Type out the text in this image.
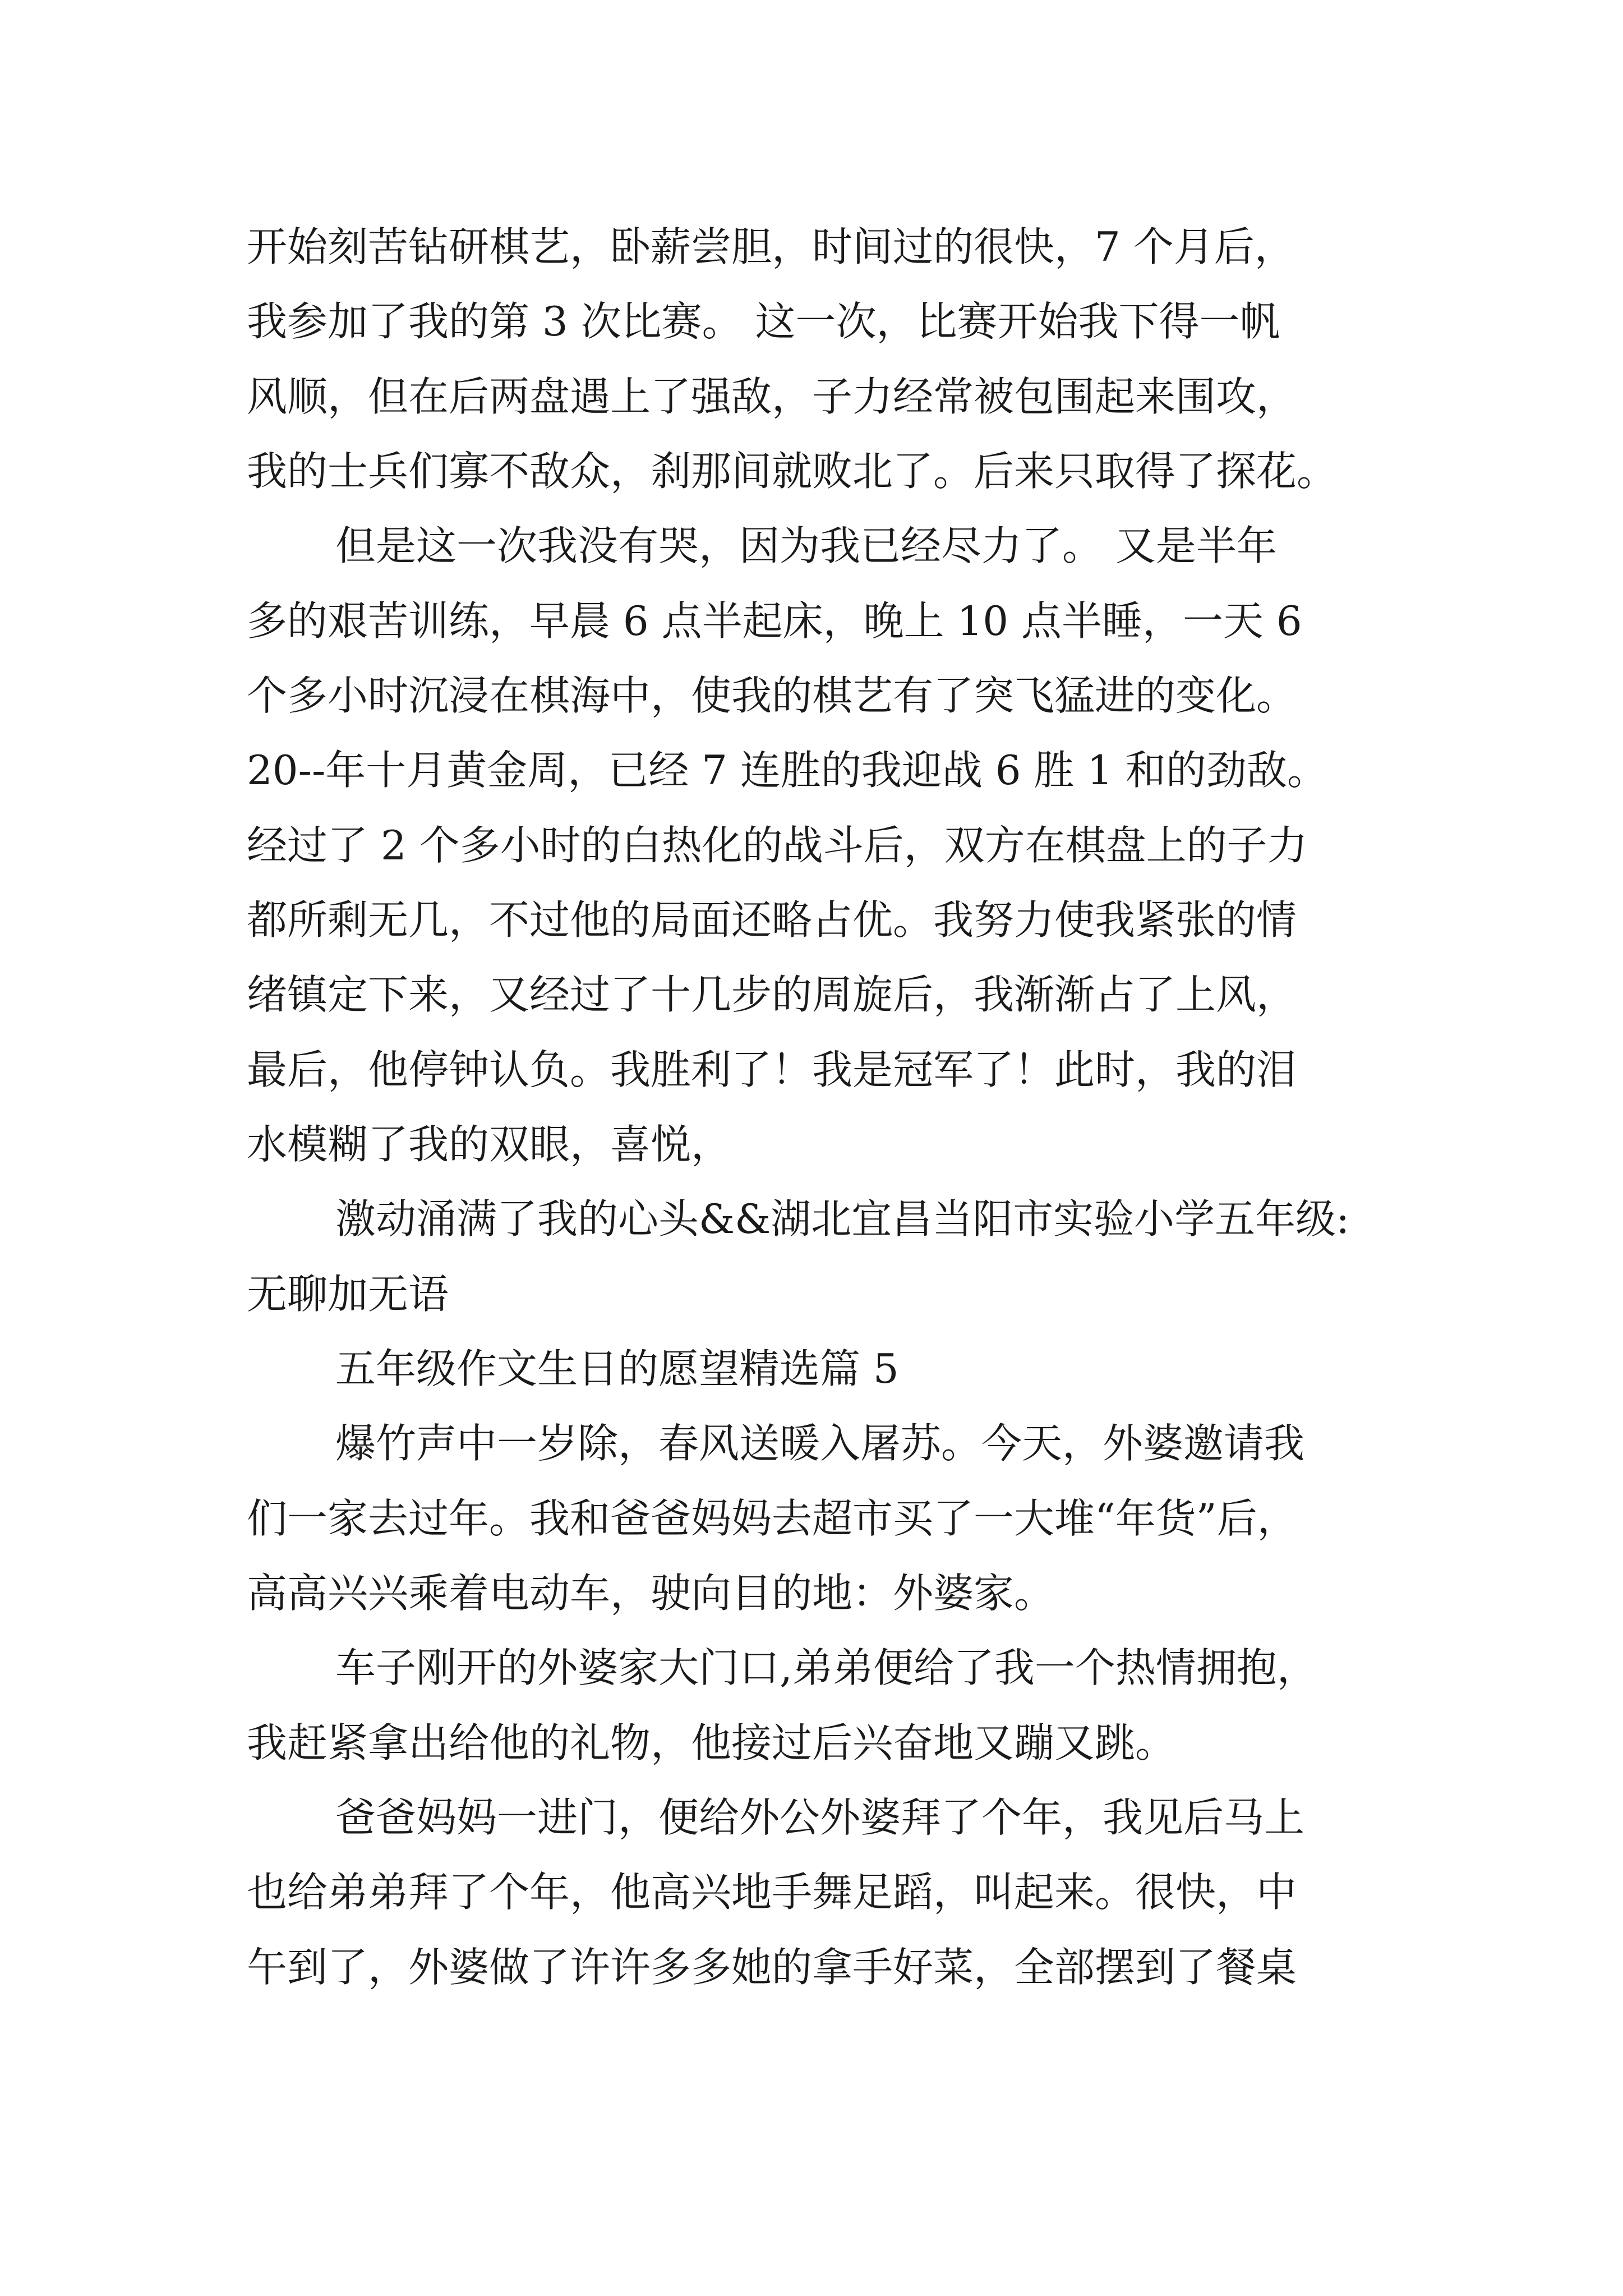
开始刻苦钻研棋艺，卧薪尝胆，时间过的很快，7 个月后，
我参加了我的第 3 次比赛。 这一次，比赛开始我下得一帆
风顺，但在后两盘遇上了强敌，子力经常被包围起来围攻，
我的士兵们寡不敌众，刹那间就败北了。后来只取得了探花。
但是这一次我没有哭，因为我已经尽力了。 又是半年
多的艰苦训练，早晨 6 点半起床，晚上 10 点半睡，一天 6
个多小时沉浸在棋海中，使我的棋艺有了突飞猛进的变化。
20--年十月黄金周，已经 7 连胜的我迎战 6 胜 1 和的劲敌。
经过了 2 个多小时的白热化的战斗后，双方在棋盘上的子力
都所剩无几，不过他的局面还略占优。我努力使我紧张的情
绪镇定下来，又经过了十几步的周旋后，我渐渐占了上风，
最后，他停钟认负。我胜利了！我是冠军了！此时，我的泪
水模糊了我的双眼，喜悦，
激动涌满了我的心头&&湖北宜昌当阳市实验小学五年级:
无聊加无语
五年级作文生日的愿望精选篇 5
爆竹声中一岁除，春风送暖入屠苏。今天，外婆邀请我
们一家去过年。我和爸爸妈妈去超市买了一大堆“年货”后，
高高兴兴乘着电动车，驶向目的地：外婆家。
车子刚开的外婆家大门口,弟弟便给了我一个热情拥抱，
我赶紧拿出给他的礼物，他接过后兴奋地又蹦又跳。
爸爸妈妈一进门，便给外公外婆拜了个年，我见后马上
也给弟弟拜了个年，他高兴地手舞足蹈，叫起来。很快，中
午到了，外婆做了许许多多她的拿手好菜，全部摆到了餐桌
